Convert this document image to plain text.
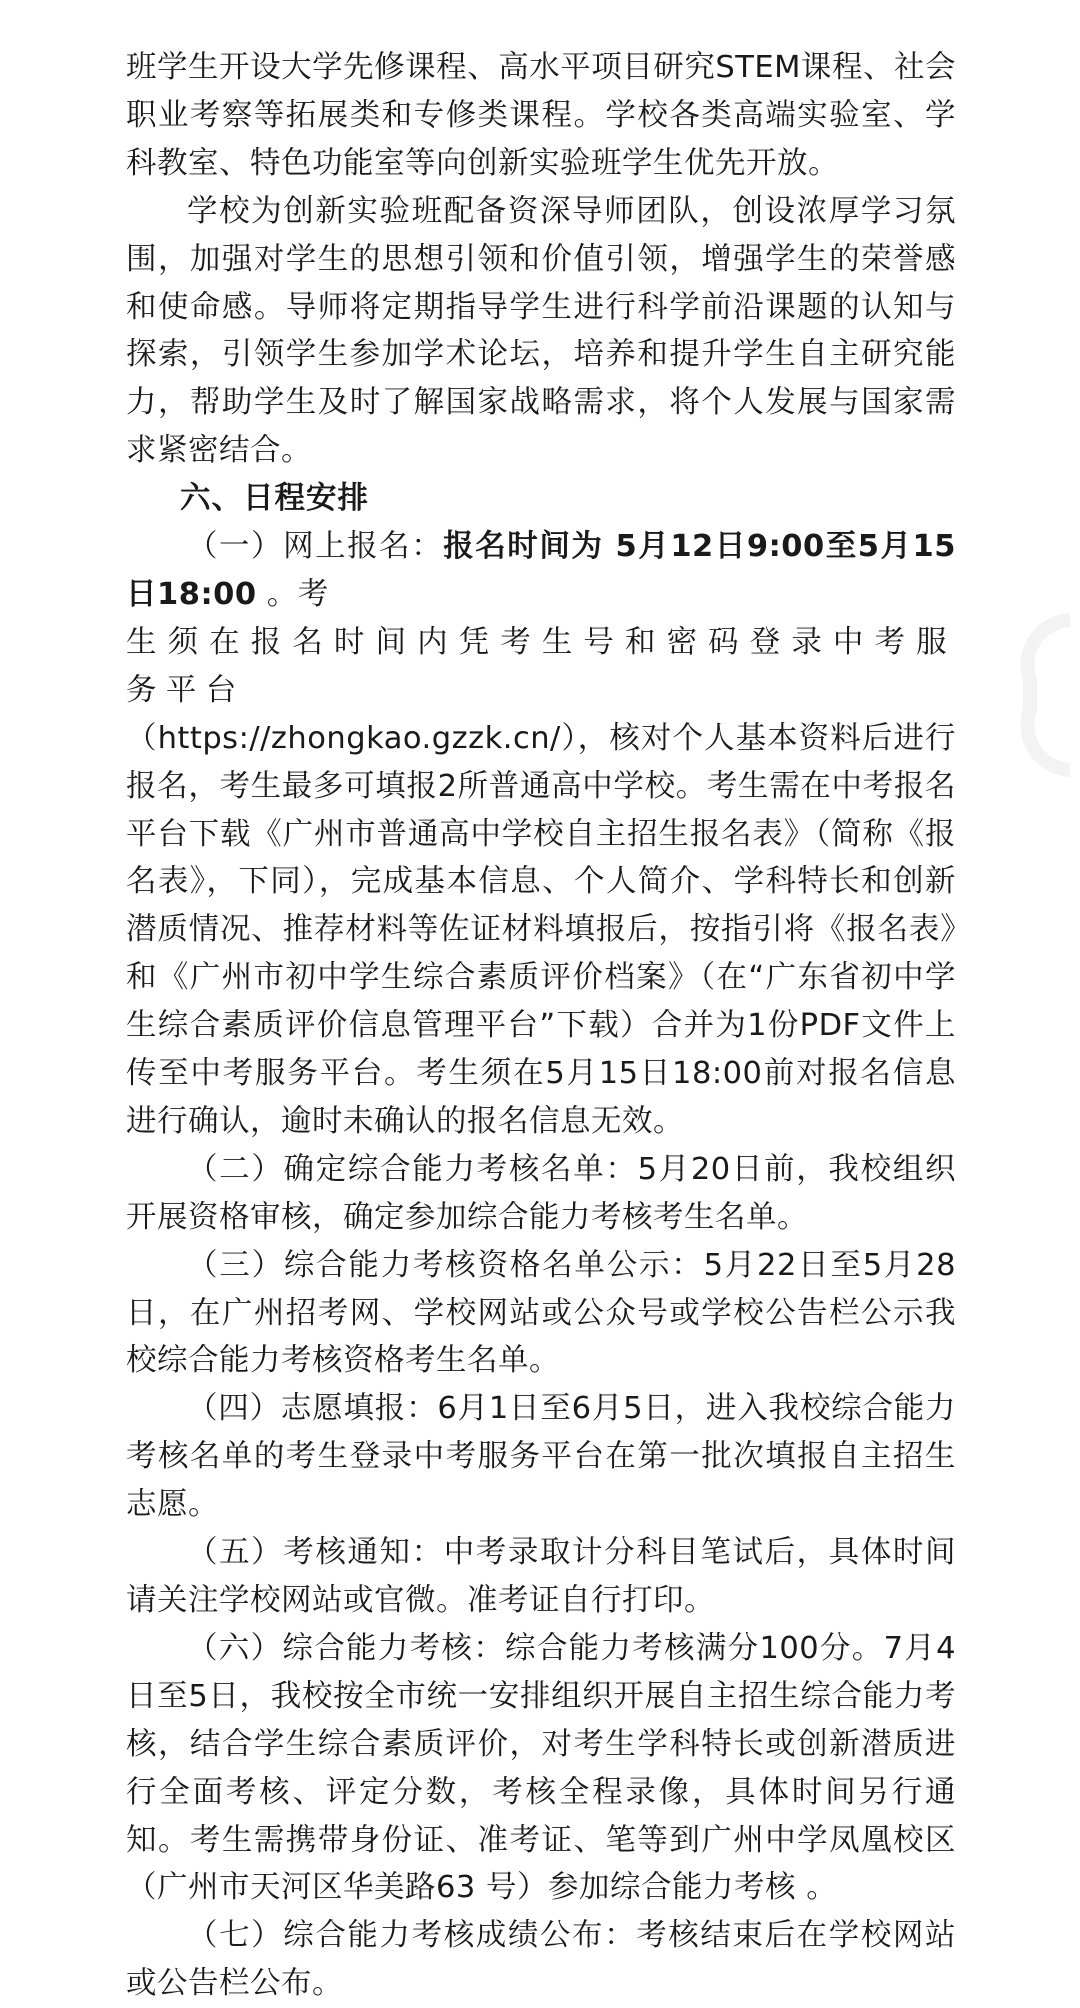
班学生开设大学先修课程、高水平项目研究STEM课程、社会职业考察等拓展类和专修类课程。学校各类高端实验室、学科教室、特色功能室等向创新实验班学生优先开放。

学校为创新实验班配备资深导师团队，创设浓厚学习氛围，加强对学生的思想引领和价值引领，增强学生的荣誉感和使命感。导师将定期指导学生进行科学前沿课题的认知与探索，引领学生参加学术论坛，培养和提升学生自主研究能力，帮助学生及时了解国家战略需求，将个人发展与国家需求紧密结合。

六、日程安排

（一）网上报名：报名时间为 5月12日9:00至5月15日18:00 。考

生须在报名时间内凭考生号和密码登录中考服务平台

（https://zhongkao.gzzk.cn/），核对个人基本资料后进行报名，考生最多可填报2所普通高中学校。考生需在中考报名平台下载《广州市普通高中学校自主招生报名表》（简称《报名表》，下同），完成基本信息、个人简介、学科特长和创新潜质情况、推荐材料等佐证材料填报后，按指引将《报名表》和《广州市初中学生综合素质评价档案》（在“广东省初中学生综合素质评价信息管理平台”下载）合并为1份PDF文件上传至中考服务平台。考生须在5月15日18:00前对报名信息进行确认，逾时未确认的报名信息无效。

（二）确定综合能力考核名单：5月20日前，我校组织开展资格审核，确定参加综合能力考核考生名单。

（三）综合能力考核资格名单公示：5月22日至5月28日，在广州招考网、学校网站或公众号或学校公告栏公示我校综合能力考核资格考生名单。

（四）志愿填报：6月1日至6月5日，进入我校综合能力考核名单的考生登录中考服务平台在第一批次填报自主招生志愿。

（五）考核通知：中考录取计分科目笔试后，具体时间请关注学校网站或官微。准考证自行打印。

（六）综合能力考核：综合能力考核满分100分。7月4日至5日，我校按全市统一安排组织开展自主招生综合能力考核，结合学生综合素质评价，对考生学科特长或创新潜质进行全面考核、评定分数，考核全程录像，具体时间另行通知。考生需携带身份证、准考证、笔等到广州中学凤凰校区（广州市天河区华美路63 号）参加综合能力考核 。

（七）综合能力考核成绩公布：考核结束后在学校网站或公告栏公布。
